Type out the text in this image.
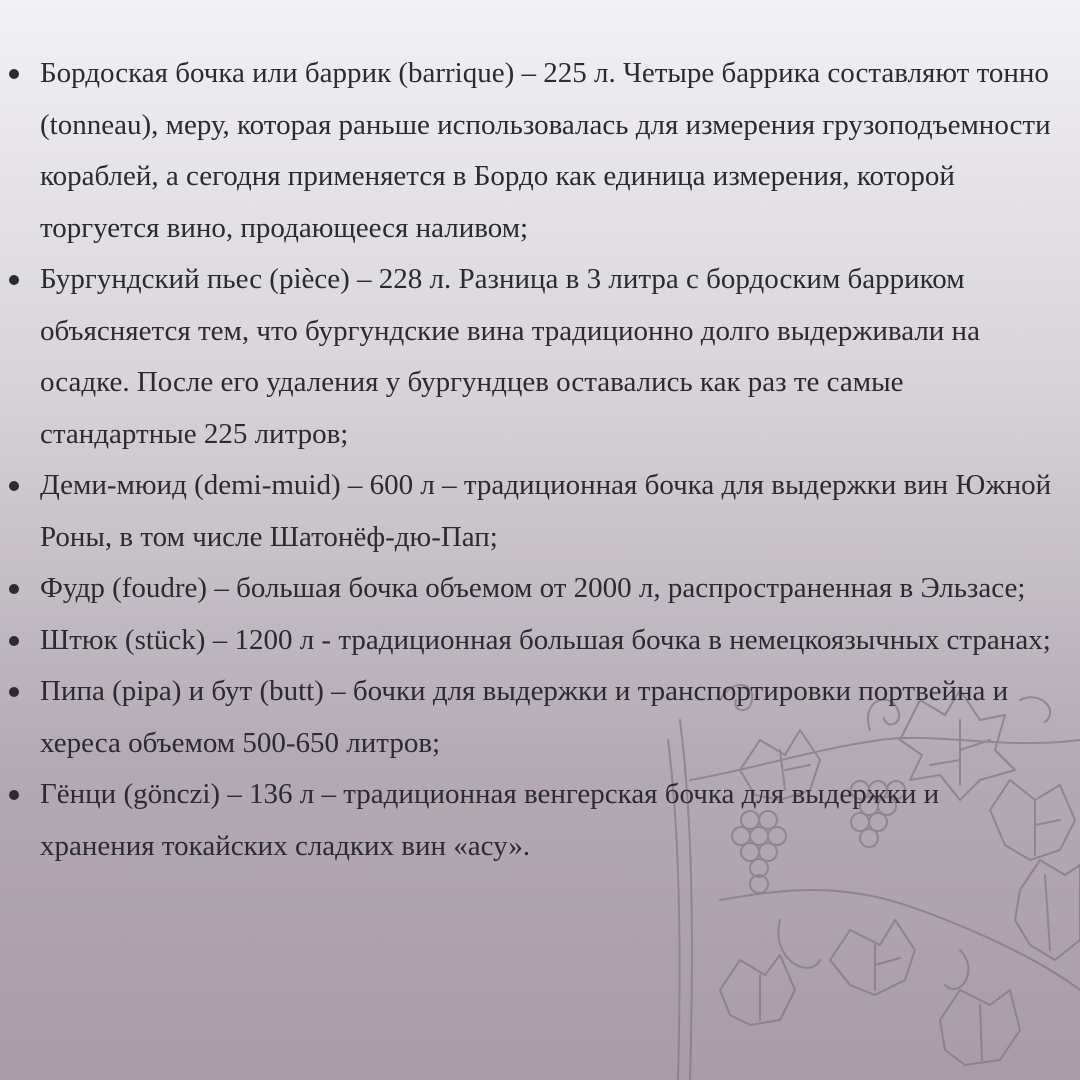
Бордоская бочка или баррик (barrique) – 225 л. Четыре баррика составляют тонно (tonneau), меру, которая раньше использовалась для измерения грузоподъемности кораблей, а сегодня применяется в Бордо как единица измерения, которой торгуется вино, продающееся наливом;
Бургундский пьес (pièce) – 228 л. Разница в 3 литра с бордоским барриком объясняется тем, что бургундские вина традиционно долго выдерживали на осадке. После его удаления у бургундцев оставались как раз те самые стандартные 225 литров;
Деми-мюид (demi-muid) – 600 л – традиционная бочка для выдержки вин Южной Роны, в том числе Шатонёф-дю-Пап;
Фудр (foudre) – большая бочка объемом от 2000 л, распространенная в Эльзасе;
Штюк (stück) – 1200 л - традиционная большая бочка в немецкоязычных странах;
Пипа (pipa) и бут (butt) – бочки для выдержки и транспортировки портвейна и хереса объемом 500-650 литров;
Гёнци (gönczi) – 136 л – традиционная венгерская бочка для выдержки и хранения токайских сладких вин «асу».
